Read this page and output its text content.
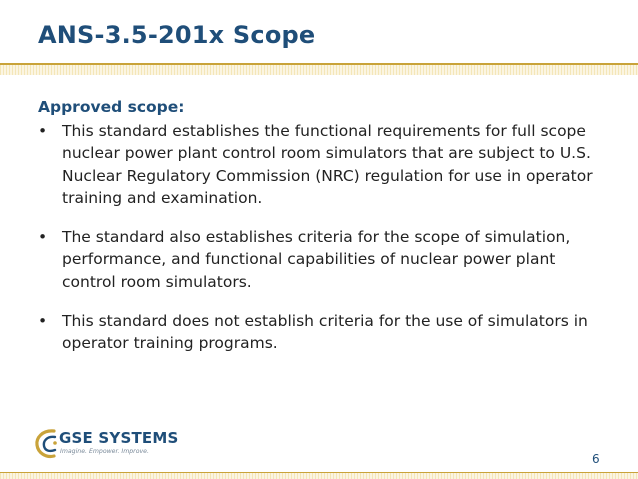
ANS-3.5-201x Scope
Approved scope:
• This standard establishes the functional requirements for full scope nuclear power plant control room simulators that are subject to U.S. Nuclear Regulatory Commission (NRC) regulation for use in operator training and examination.
• The standard also establishes criteria for the scope of simulation, performance, and functional capabilities of nuclear power plant control room simulators.
• This standard does not establish criteria for the use of simulators in operator training programs.
GSE SYSTEMS
Imagine. Empower. Improve.
6
